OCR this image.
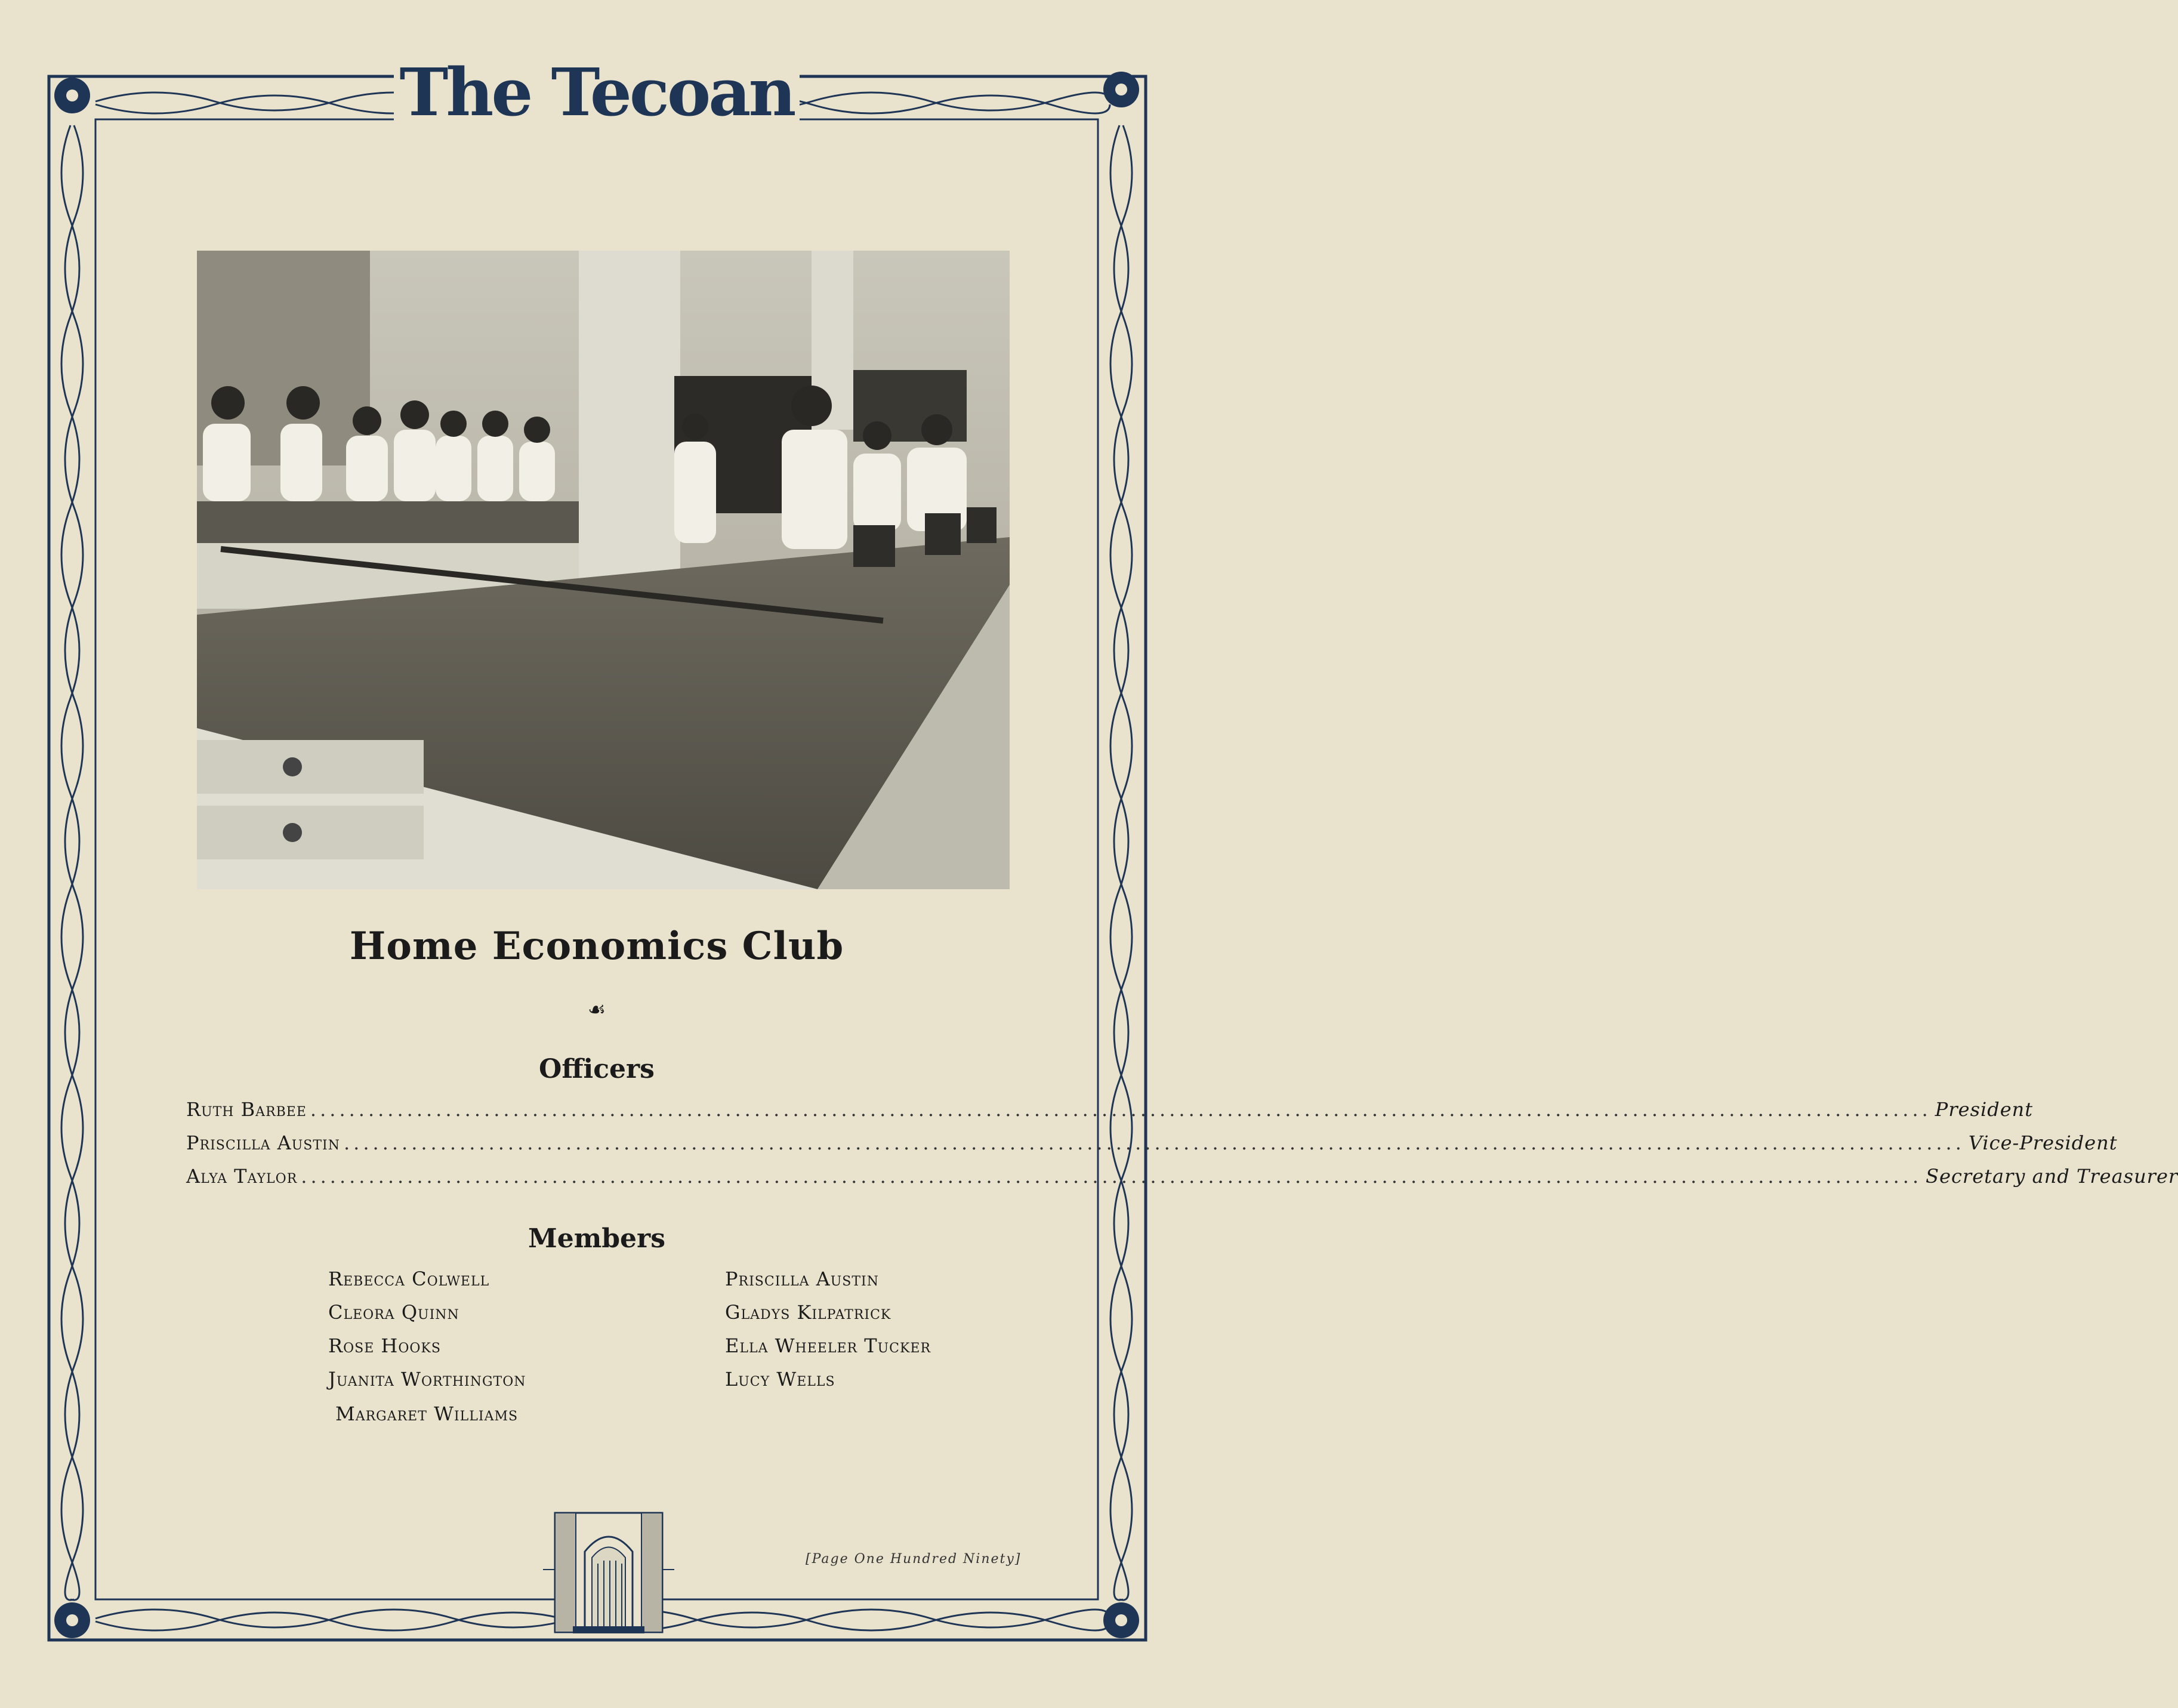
The Tecoan
Home Economics Club
☙
Officers
Ruth Barbee ........................................................................................................................................................................ President
Priscilla Austin ........................................................................................................................................................................ Vice-President
Alya Taylor ........................................................................................................................................................................ Secretary and Treasurer
Members
Rebecca Colwell
Cleora Quinn
Rose Hooks
Juanita Worthington
Priscilla Austin
Gladys Kilpatrick
Ella Wheeler Tucker
Lucy Wells
Margaret Williams
[Page One Hundred Ninety]
